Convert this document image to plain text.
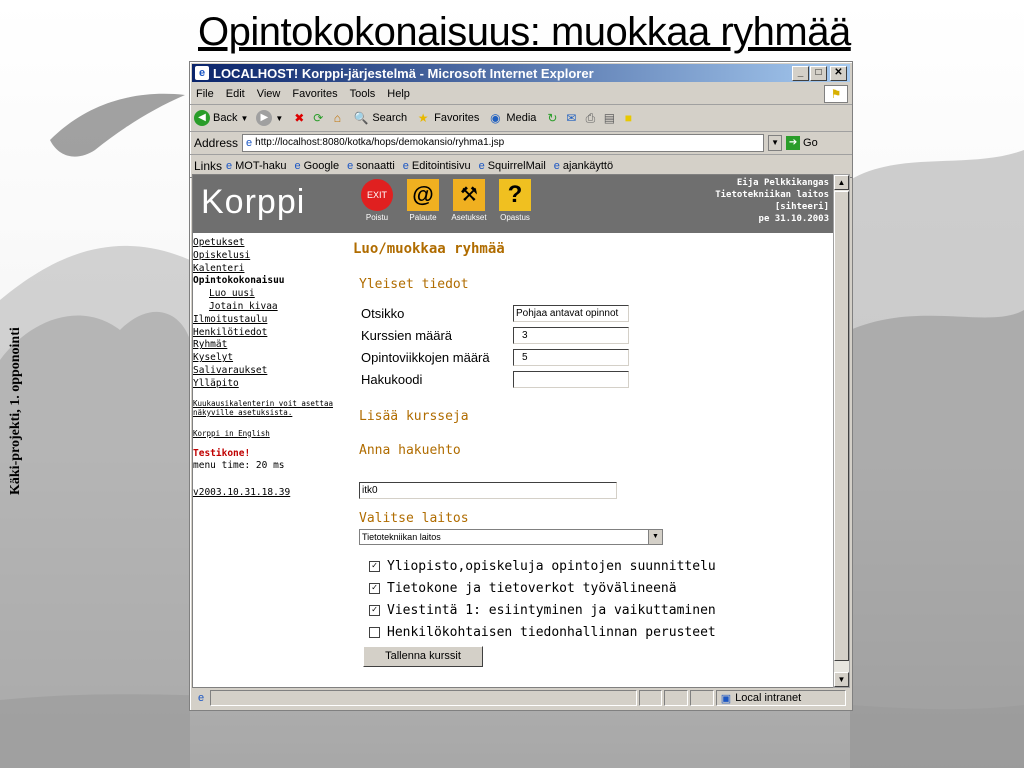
Opintokokonaisuus: muokkaa ryhmää
Käki-projekti, 1. opponointi
e LOCALHOST! Korppi-järjestelmä - Microsoft Internet Explorer	_	□	✕
File Edit View Favorites Tools Help	⚑
◀ Back ▼	▶ ▼ ✖ ⟳ ⌂	🔍 Search ★ Favorites ◉ Media ↻ ✉ ⎙ ▤ ■
Address e http://localhost:8080/kotka/hops/demokansio/ryhma1.jsp	▼ ➔ Go
Links e MOT-haku e Google e sonaatti e Editointisivu e SquirrelMail e ajankäyttö
Korppi	EXIT
Poistu
@
Palaute
⚒
Asetukset
?
Opastus
Eija Pelkkikangas
Tietotekniikan laitos
[sihteeri]
pe 31.10.2003
Opetukset
Opiskelusi
Kalenteri
Opintokokonaisuu
Luo uusi
Jotain kivaa
Ilmoitustaulu
Henkilötiedot
Ryhmät
Kyselyt
Salivaraukset
Ylläpito
Kuukausikalenterin voit asettaa
näkyville asetuksista.
Korppi in English
Testikone!
menu time: 20 ms
v2003.10.31.18.39
Luo/muokkaa ryhmää
Yleiset tiedot
Otsikko	Pohjaa antavat opinnot
Kurssien määrä	3
Opintoviikkojen määrä	5
Hakukoodi
Lisää kursseja
Anna hakuehto
itk0
Valitse laitos
Tietotekniikan laitos	▼
✓ Yliopisto,opiskeluja opintojen suunnittelu
✓ Tietokone ja tietoverkot työvälineenä
✓ Viestintä 1: esiintyminen ja vaikuttaminen
Henkilökohtaisen tiedonhallinnan perusteet
Tallenna kurssit
▲
▼
e	▣ Local intranet
